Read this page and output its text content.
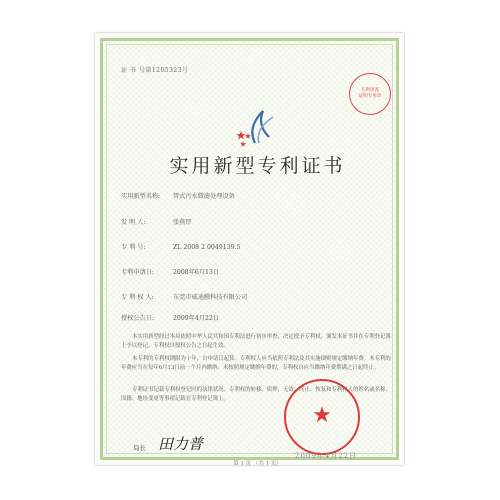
证 书 号第1205323号
专利审查
证明专用章
实用新型专利证书
实用新型名称: 管式污水微滤处理设备
发 明 人:	张燕厚
专 利 号:	ZL 2008 2 0049139.5
专利申请日:	2008年6月13日
专 利 权 人:	东莞市威迪膜科技有限公司
授权公告日:	2009年4月22日
本实用新型经过本局依照中华人民共和国专利法进行初步审查，决定授予专利权，颁发本证书并在专利登记簿上予以登记。专利权自授权公告之日起生效。
本专利的专利权期限为十年，自申请日起算。专利权人应当依照专利法及其实施细则规定缴纳年费。本专利的年费应当在每年6月13日前一个月内缴纳。未按照规定缴纳年费的，专利权自应当缴纳年费期满之日起终止。
专利证书记载专利权登记时的法律状况。专利权的转移、质押、无效、终止、恢复和专利权人的姓名或名称、国籍、地址变更等事项记载在专利登记簿上。
局长 田力普
★
2009年4月22日
第 1 页 （共 1 页）
